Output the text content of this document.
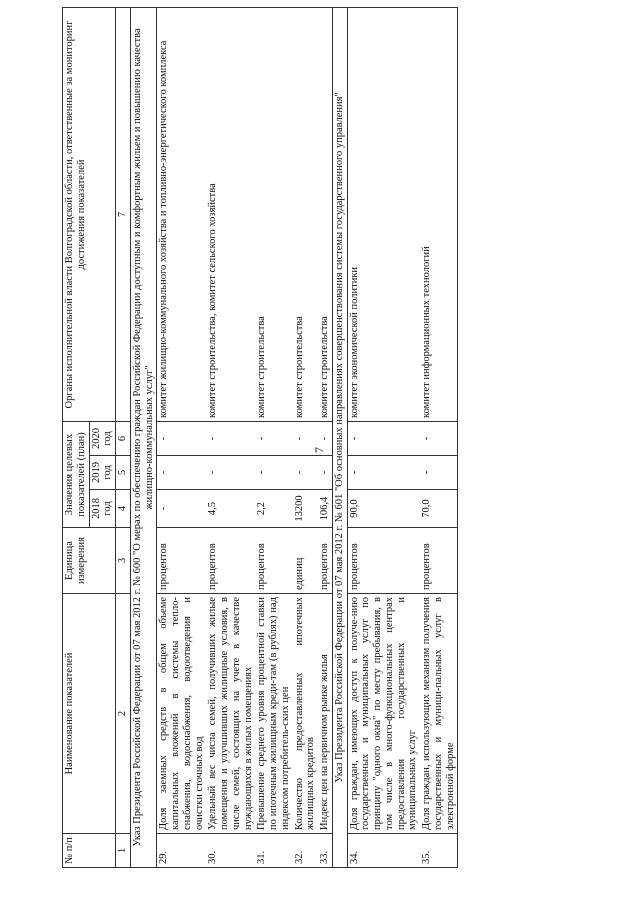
7
№ п/п	Наименование показателей	Единица измерения	Значения целевых показателей (план)			Органы исполнительной власти Волгоградской области, ответственные за мониторинг достижения показателей
			2018 год	2019 год	2020 год	
1	2	3	4	5	6	7
Указ Президента Российской Федерации от 07 мая 2012 г. № 600 "О мерах по обеспечению граждан Российской Федерации доступным и комфортным жильем и повышению качества жилищно-коммунальных услуг"						
29.	Доля заемных средств в общем объеме капитальных вложений в системы тепло-снабжения, водоснабжения, водоотведения и очистки сточных вод	процентов	-	-	-	комитет жилищно-коммунального хозяйства и топливно-энергетического комплекса
30.	Удельный вес числа семей, получивших жилые помещения и улучшивших жилищные условия, в числе семей, состоящих на учете в качестве нуждающихся в жилых помещениях	процентов	4,5	-	-	комитет строительства, комитет сельского хозяйства
31.	Превышение среднего уровня процентной ставки по ипотечным жилищным креди-там (в рублях) над индексом потребитель-ских цен	процентов	2,2	-	-	комитет строительства
32.	Количество предоставленных ипотечных жилищных кредитов	единиц	13200	-	-	комитет строительства
33.	Индекс цен на первичном рынке жилья	процентов	106,4	-	-	комитет строительства
Указ Президента Российской Федерации от 07 мая 2012 г. № 601 "Об основных направлениях совершенствования системы государственного управления"						
34.	Доля граждан, имеющих доступ к получе-нию государственных и муниципальных услуг по принципу "одного окна" по месту пребывания, в том числе в много-функциональных центрах предоставления государственных и муниципальных услуг	процентов	90,0	-	-	комитет экономической политики
35.	Доля граждан, использующих механизм получения государственных и муници-пальных услуг в электронной форме	процентов	70,0	-	-	комитет информационных технологий
